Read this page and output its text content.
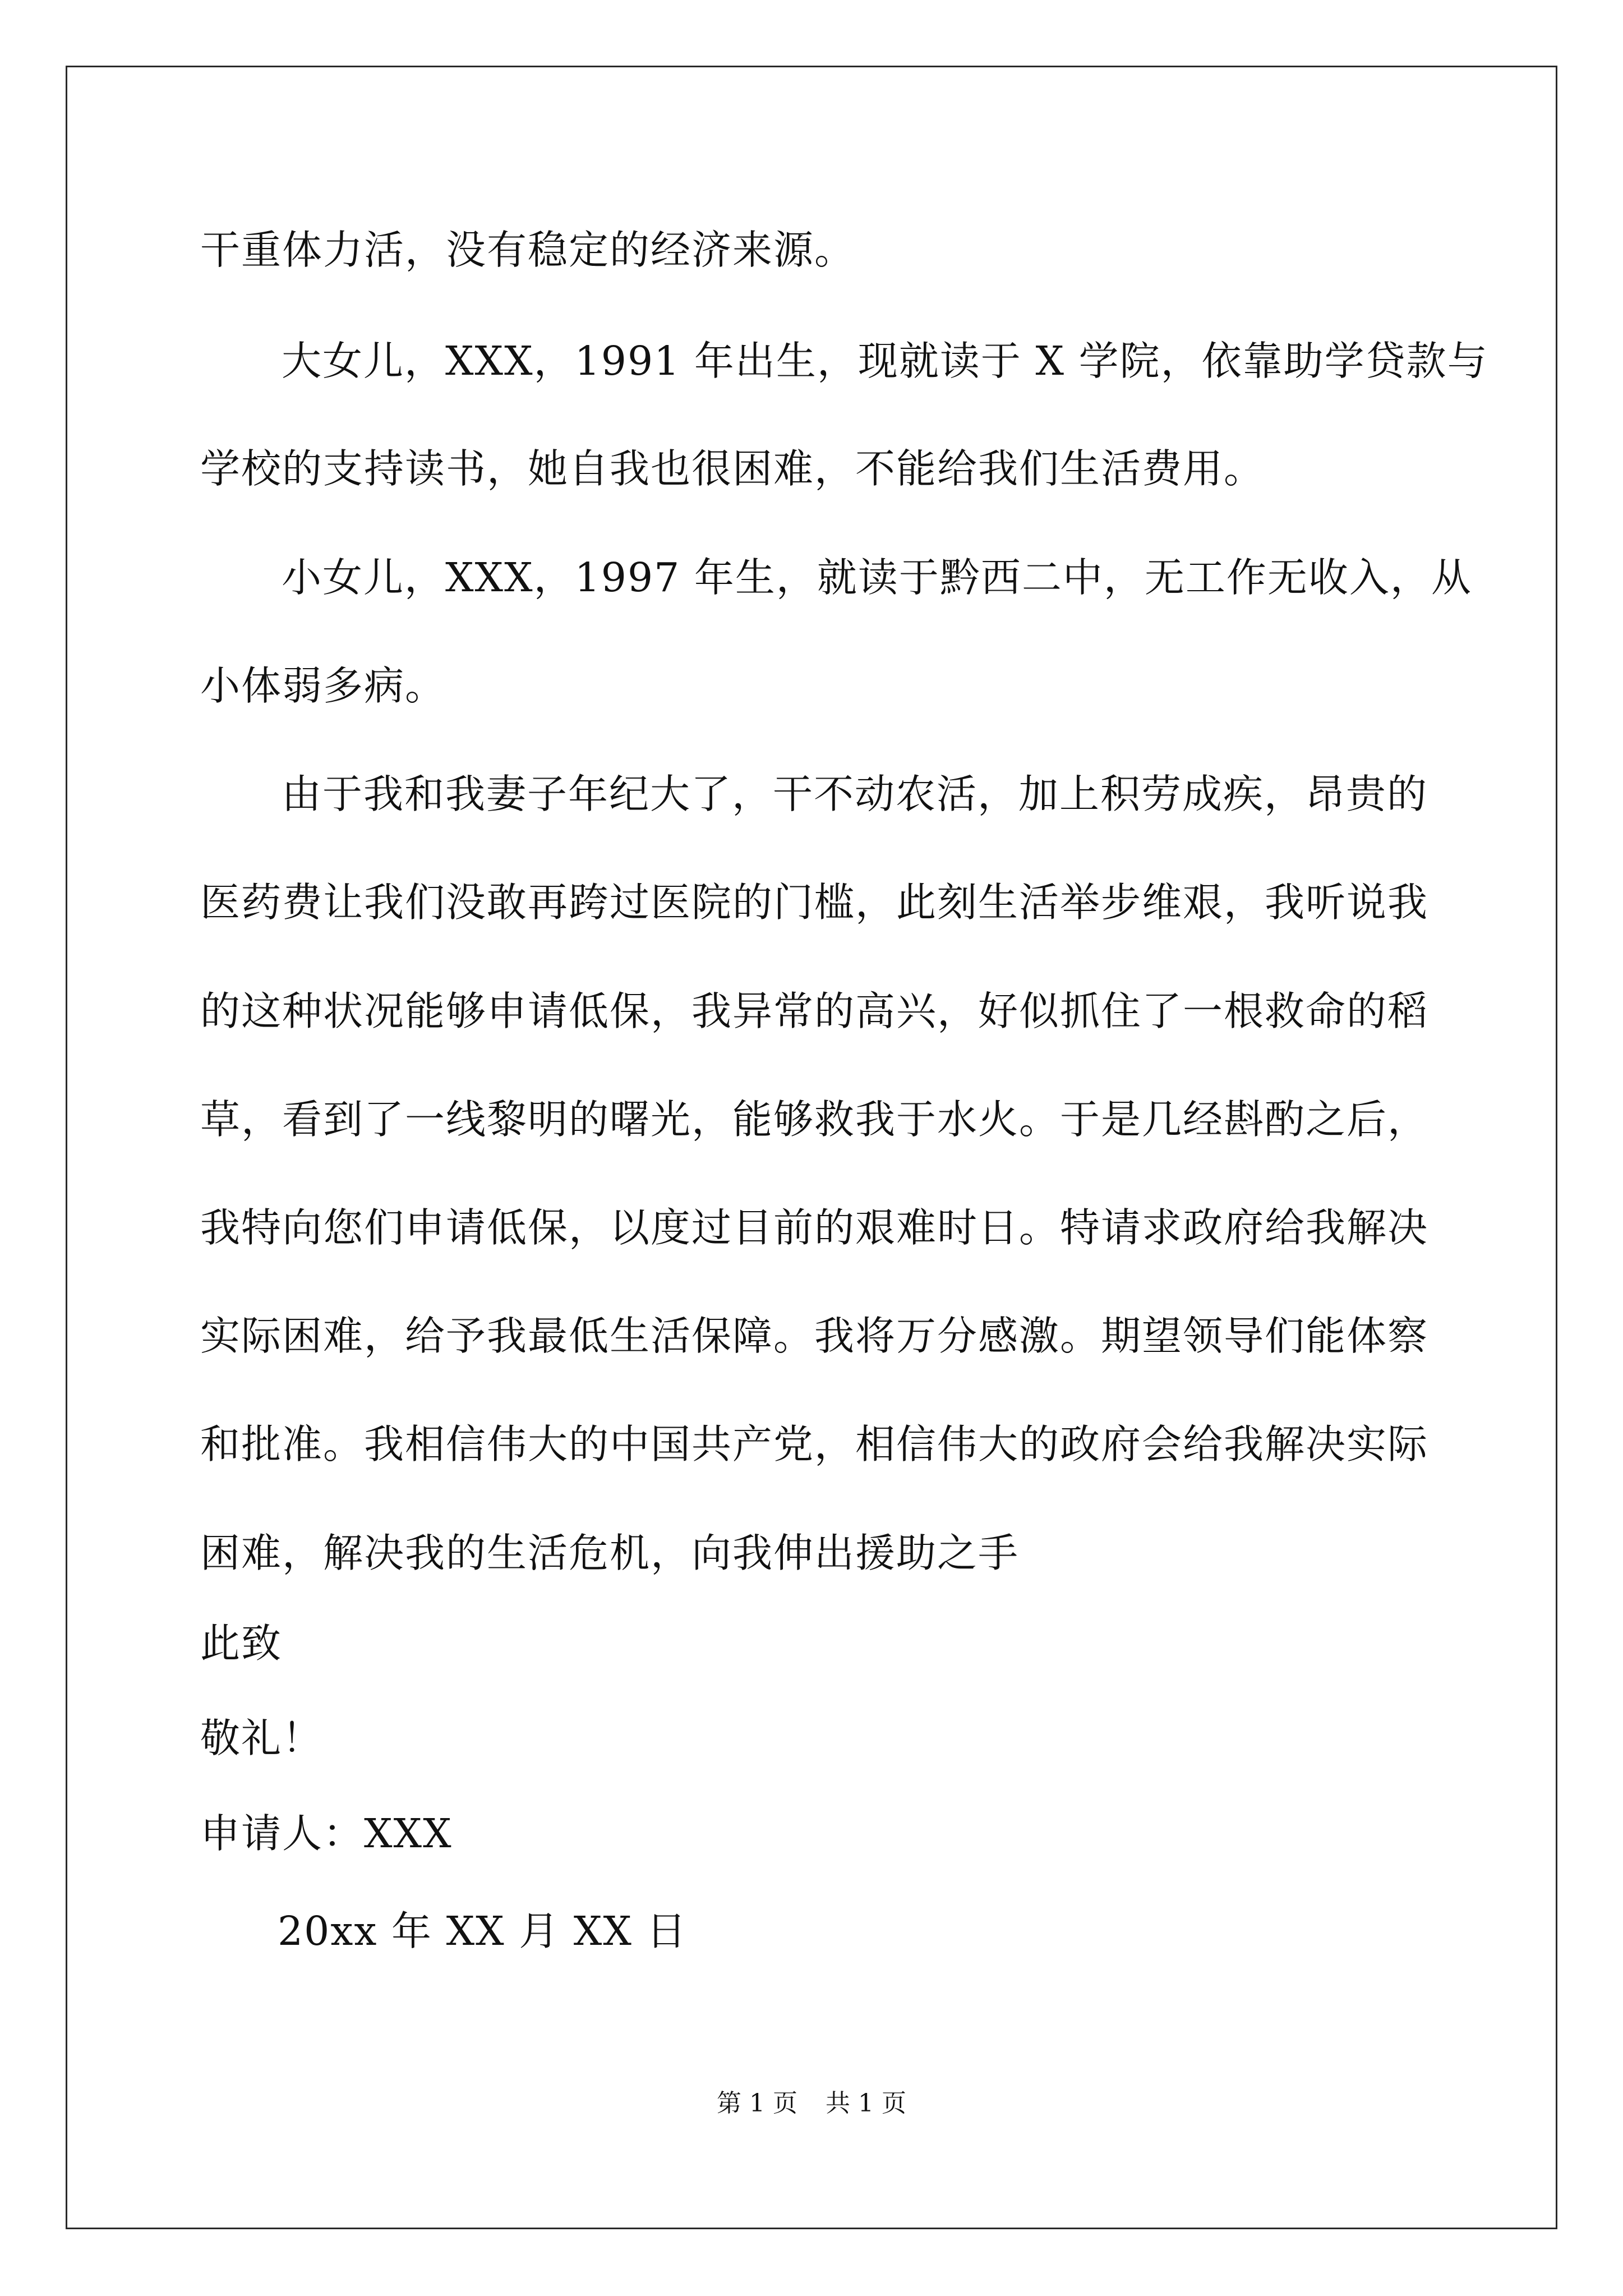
干重体力活，没有稳定的经济来源。
大女儿，XXX，1991 年出生，现就读于 X 学院，依靠助学贷款与
学校的支持读书，她自我也很困难，不能给我们生活费用。
小女儿，XXX，1997 年生，就读于黔西二中，无工作无收入，从
小体弱多病。
由于我和我妻子年纪大了，干不动农活，加上积劳成疾，昂贵的
医药费让我们没敢再跨过医院的门槛，此刻生活举步维艰，我听说我
的这种状况能够申请低保，我异常的高兴，好似抓住了一根救命的稻
草，看到了一线黎明的曙光，能够救我于水火。于是几经斟酌之后，
我特向您们申请低保，以度过目前的艰难时日。特请求政府给我解决
实际困难，给予我最低生活保障。我将万分感激。期望领导们能体察
和批准。我相信伟大的中国共产党，相信伟大的政府会给我解决实际
困难，解决我的生活危机，向我伸出援助之手
此致
敬礼！
申请人：XXX
20xx 年 XX 月 XX 日
第 1 页 共 1 页
